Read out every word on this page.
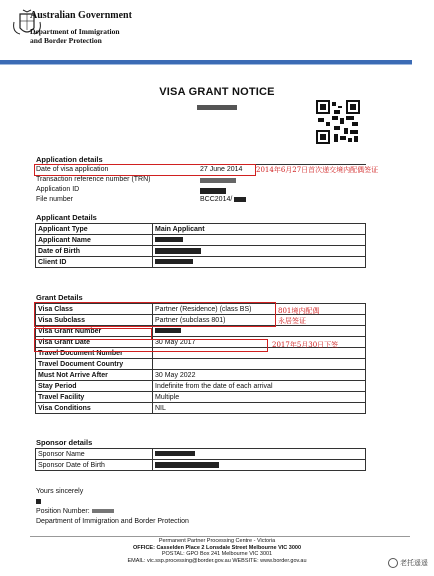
Australian Government
Department of Immigration
and Border Protection
VISA GRANT NOTICE
Application details
Date of visa application	27 June 2014
Transaction reference number (TRN)
Application ID
File number	BCC2014/
2014年6月27日首次递交境内配偶签证
Applicant Details
Applicant Type	Main Applicant
Applicant Name	
Date of Birth	
Client ID	
Grant Details
Visa Class	Partner (Residence) (class BS)
Visa Subclass	Partner (subclass 801)
Visa Grant Number	
Visa Grant Date	30 May 2017
Travel Document Number	
Travel Document Country	
Must Not Arrive After	30 May 2022
Stay Period	Indefinite from the date of each arrival
Travel Facility	Multiple
Visa Conditions	NIL
801境内配偶
永居签证
2017年5月30日下签
Sponsor details
Sponsor Name	
Sponsor Date of Birth	
Yours sincerely
Position Number:
Department of Immigration and Border Protection
Permanent Partner Processing Centre - Victoria
OFFICE: Casselden Place 2 Lonsdale Street Melbourne VIC 3000
POSTAL: GPO Box 241 Melbourne VIC 3001
EMAIL: vic.ssp.processing@border.gov.au WEBSITE: www.border.gov.au	老托遥遥
